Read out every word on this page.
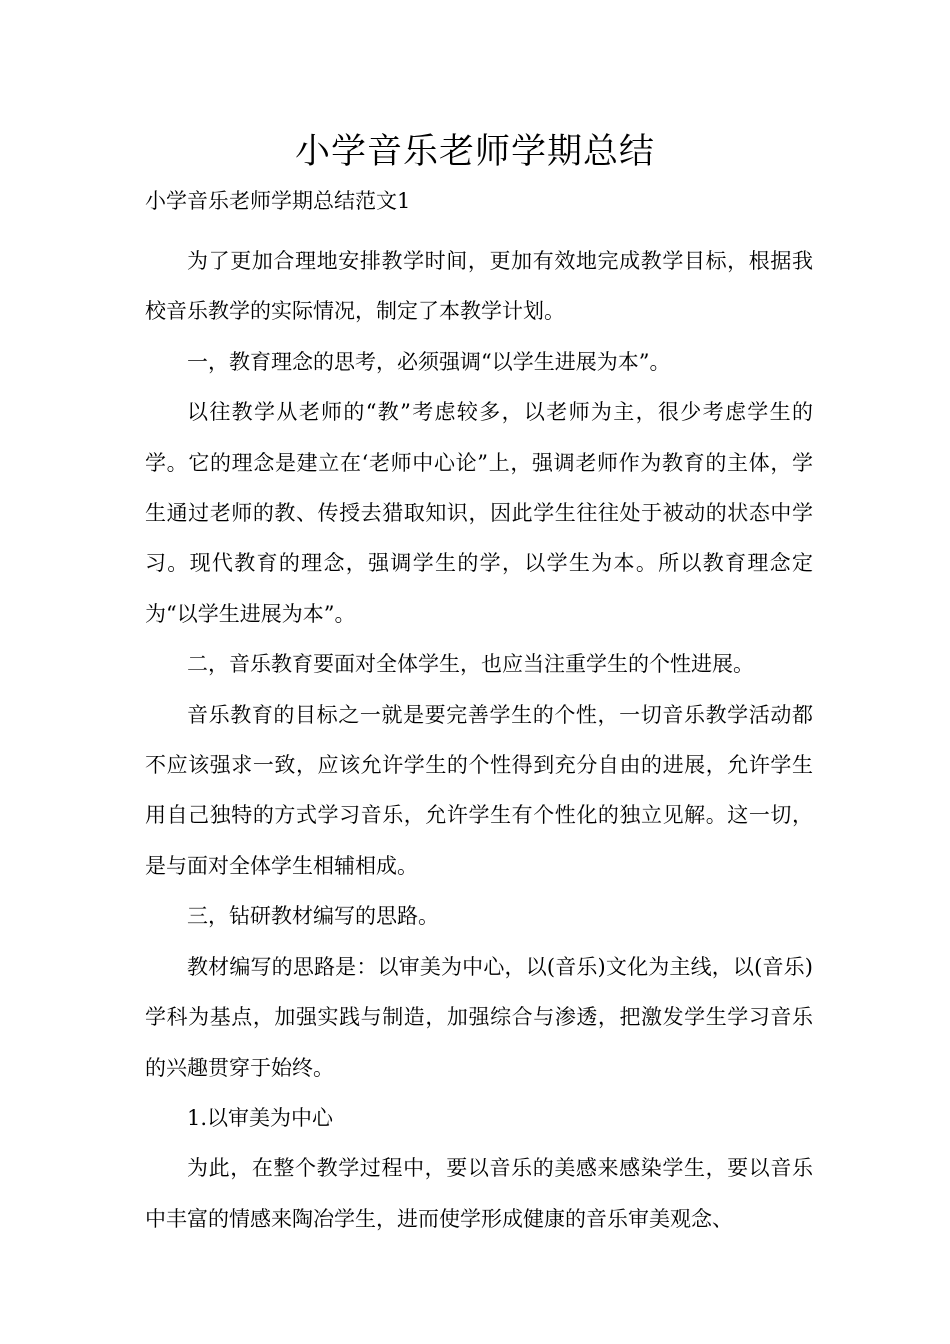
小学音乐老师学期总结

小学音乐老师学期总结范文1

为了更加合理地安排教学时间，更加有效地完成教学目标，根据我校音乐教学的实际情况，制定了本教学计划。

一，教育理念的思考，必须强调“以学生进展为本”。

以往教学从老师的“教”考虑较多，以老师为主，很少考虑学生的学。它的理念是建立在‘老师中心论”上，强调老师作为教育的主体，学生通过老师的教、传授去猎取知识，因此学生往往处于被动的状态中学习。现代教育的理念，强调学生的学，以学生为本。所以教育理念定为“以学生进展为本”。

二，音乐教育要面对全体学生，也应当注重学生的个性进展。

音乐教育的目标之一就是要完善学生的个性，一切音乐教学活动都不应该强求一致，应该允许学生的个性得到充分自由的进展，允许学生用自己独特的方式学习音乐，允许学生有个性化的独立见解。这一切，是与面对全体学生相辅相成。

三，钻研教材编写的思路。

教材编写的思路是：以审美为中心，以(音乐)文化为主线，以(音乐)学科为基点，加强实践与制造，加强综合与渗透，把激发学生学习音乐的兴趣贯穿于始终。

1.以审美为中心

为此，在整个教学过程中，要以音乐的美感来感染学生，要以音乐中丰富的情感来陶冶学生，进而使学形成健康的音乐审美观念、
